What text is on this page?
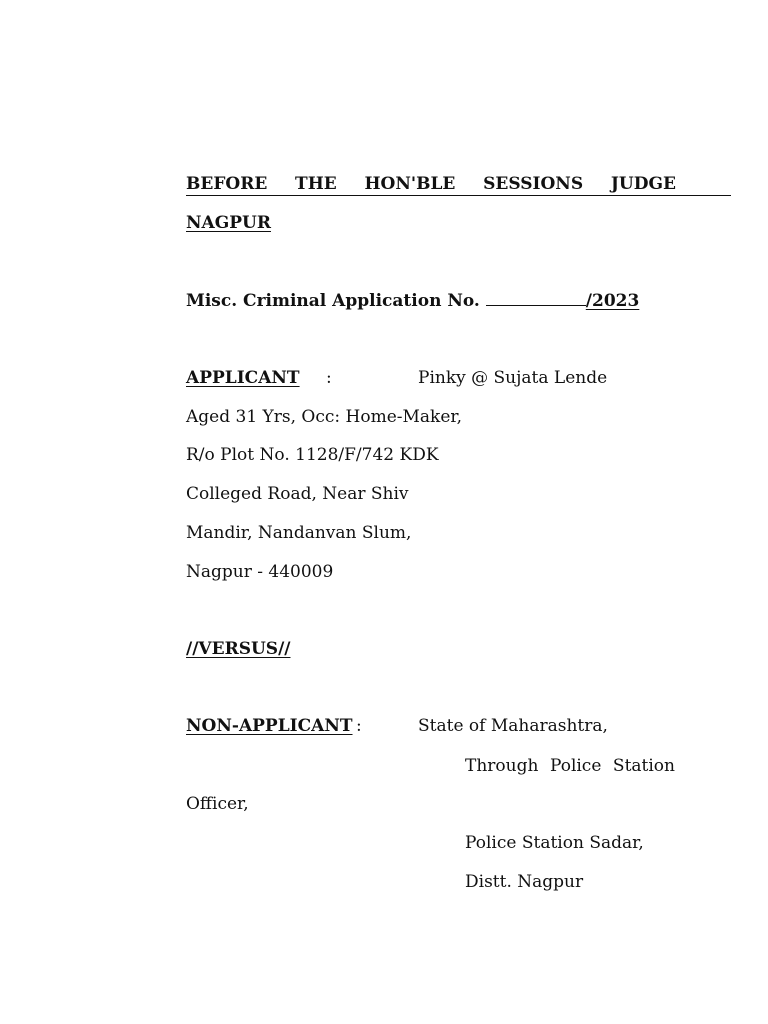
BEFORE THE HON'BLE SESSIONS JUDGE
NAGPUR
Misc. Criminal Application No.	/2023
APPLICANT :	Pinky @ Sujata Lende
Aged 31 Yrs, Occ: Home-Maker,
R/o Plot No. 1128/F/742 KDK
Colleged Road, Near Shiv
Mandir, Nandanvan Slum,
Nagpur - 440009
//VERSUS//
NON-APPLICANT :	State of Maharashtra,
Through Police Station
Officer,
Police Station Sadar,
Distt. Nagpur
